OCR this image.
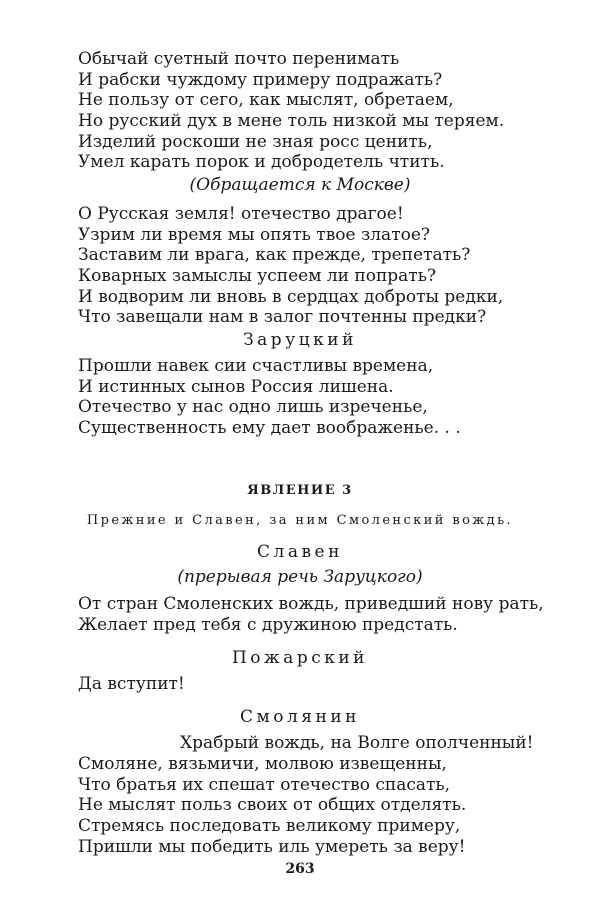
Обычай суетный почто перенимать
И рабски чуждому примеру подражать?
Не пользу от сего, как мыслят, обретаем,
Но русский дух в мене толь низкой мы теряем.
Изделий роскоши не зная росс ценить,
Умел карать порок и добродетель чтить.
(Обращается к Москве)
О Русская земля! отечество драгое!
Узрим ли время мы опять твое златое?
Заставим ли врага, как прежде, трепетать?
Коварных замыслы успеем ли попрать?
И водворим ли вновь в сердцах доброты редки,
Что завещали нам в залог почтенны предки?
Заруцкий
Прошли навек сии счастливы времена,
И истинных сынов Россия лишена.
Отечество у нас одно лишь изреченье,
Существенность ему дает воображенье. . .
ЯВЛЕНИЕ 3
Прежние и Славен, за ним Смоленский вождь.
Славен
(прерывая речь Заруцкого)
От стран Смоленских вождь, приведший нову рать,
Желает пред тебя с дружиною предстать.
Пожарский
Да вступит!
Смолянин
Храбрый вождь, на Волге ополченный!
Смоляне, вязьмичи, молвою извещенны,
Что братья их спешат отечество спасать,
Не мыслят польз своих от общих отделять.
Стремясь последовать великому примеру,
Пришли мы победить иль умереть за веру!
263
